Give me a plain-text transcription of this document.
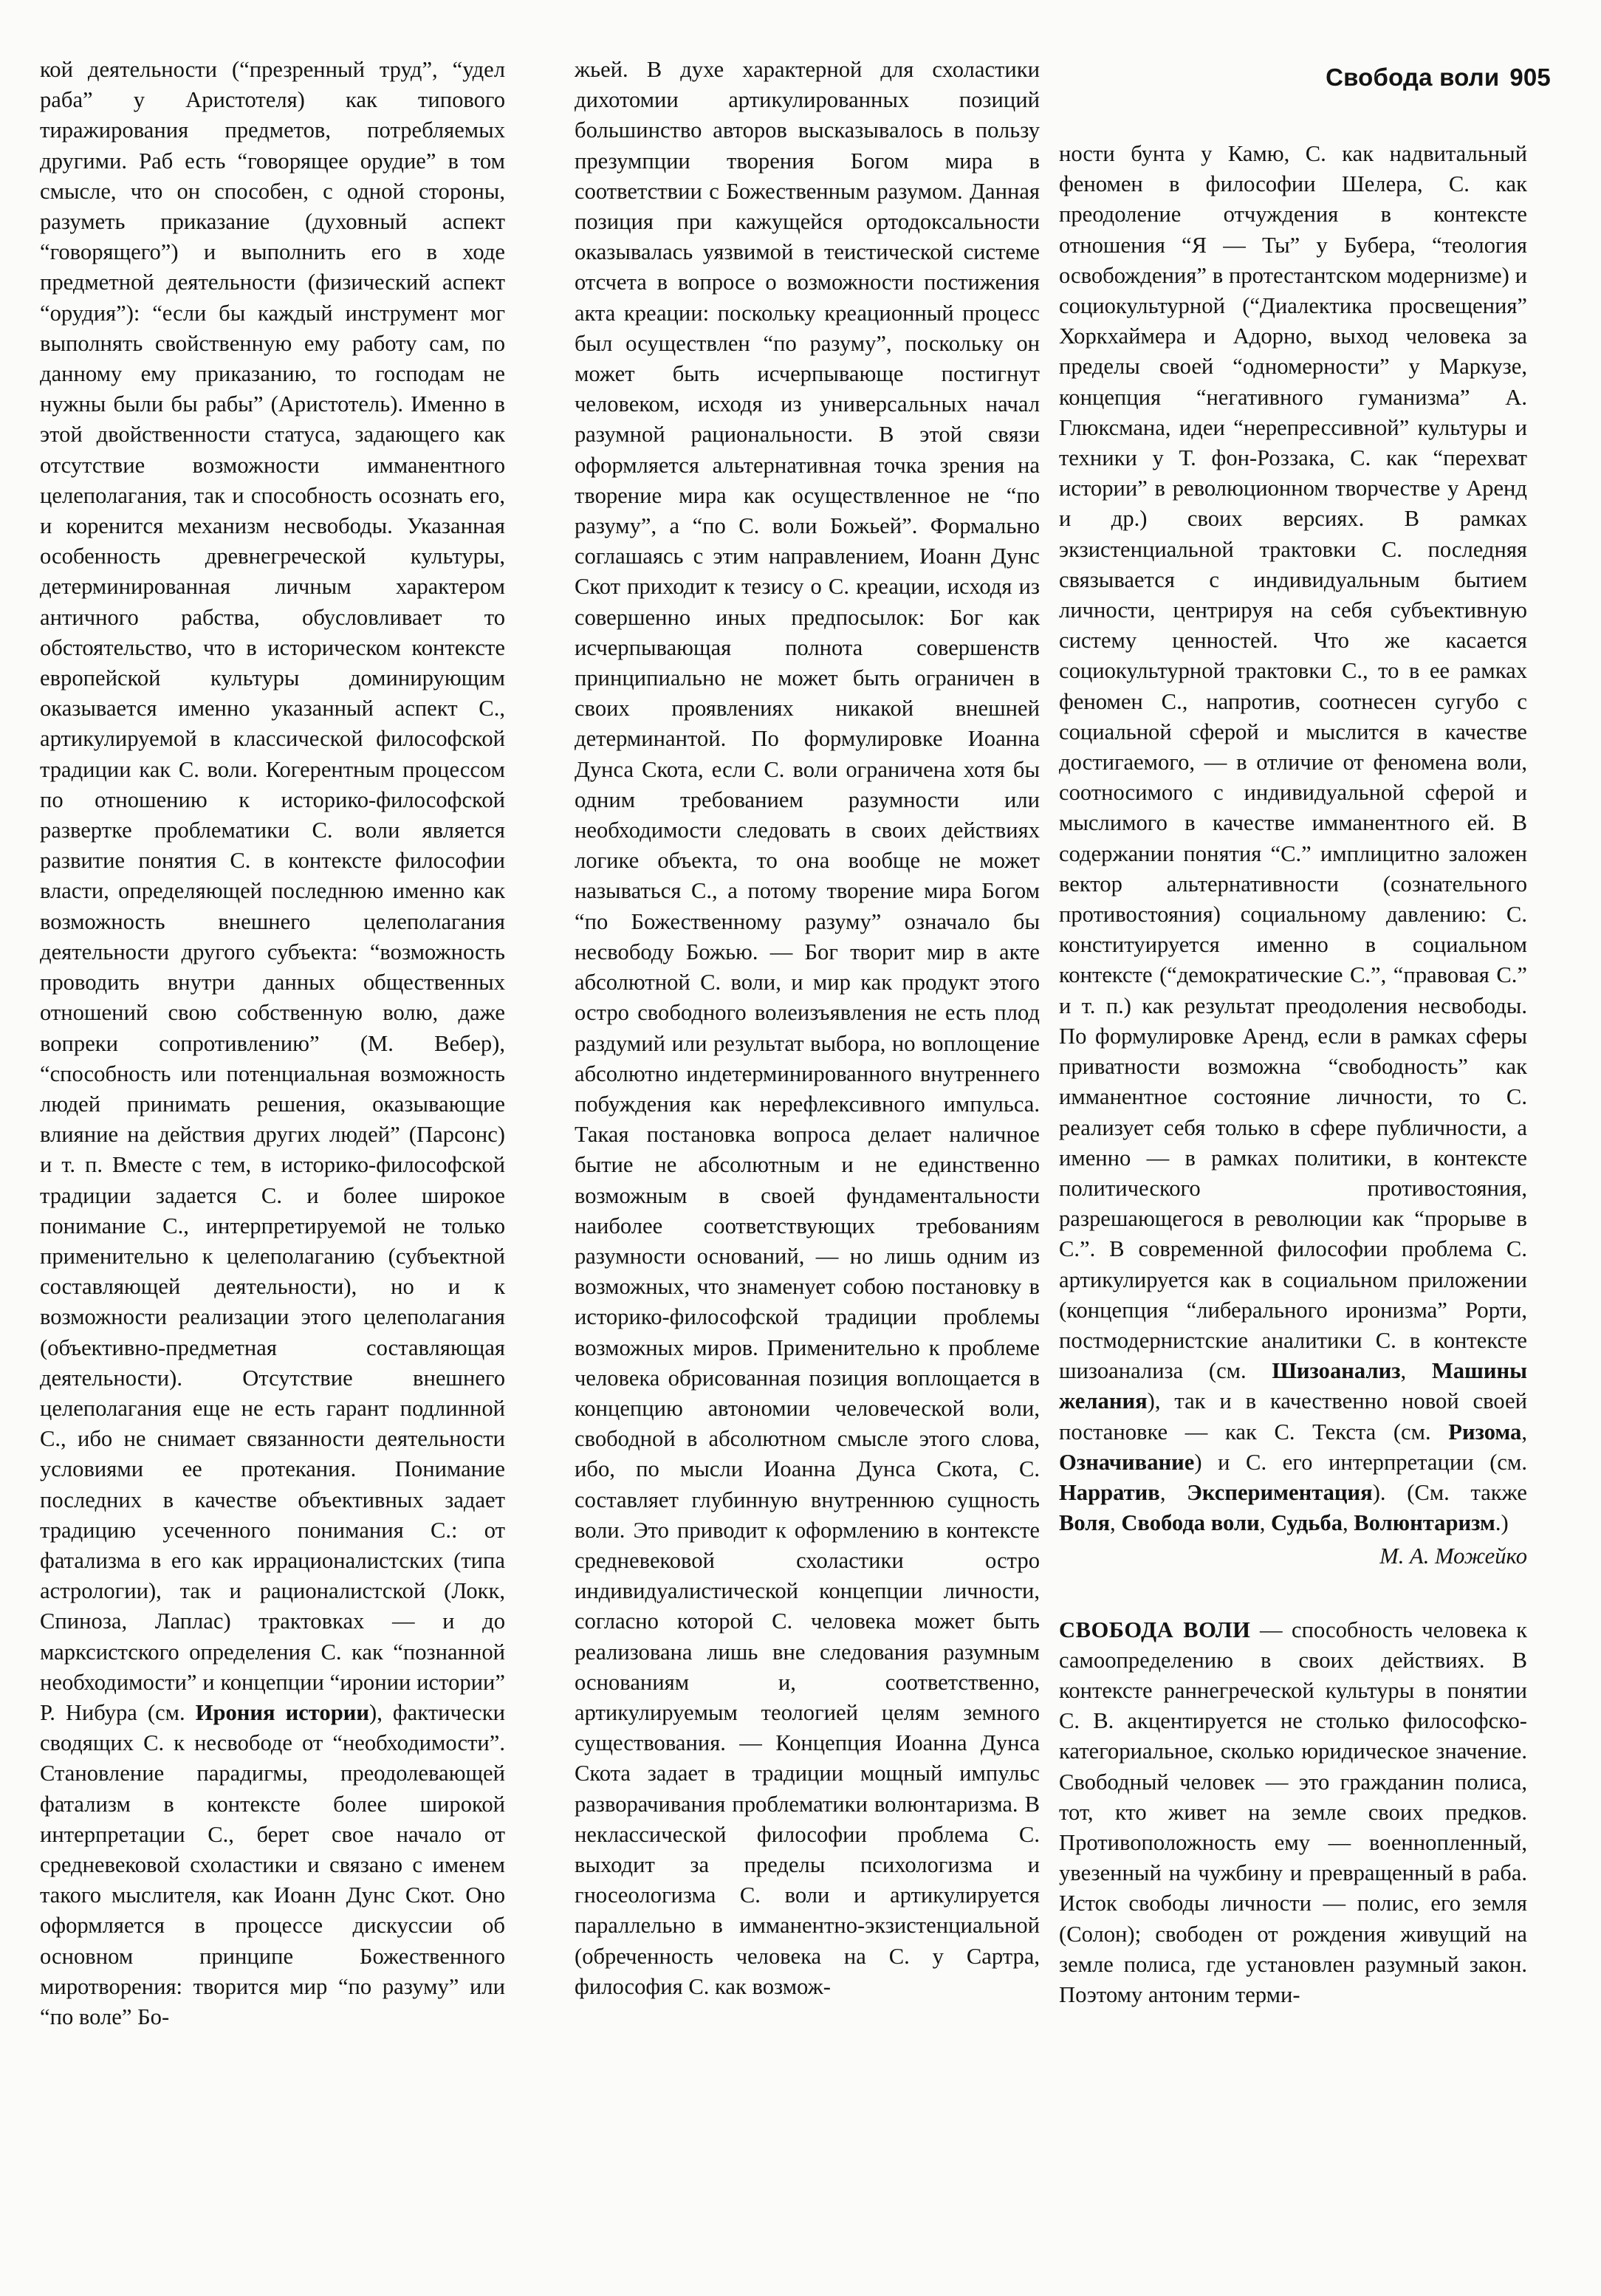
Свобода воли 905

кой деятельности (“презренный труд”, “удел раба” у Аристотеля) как типового тиражирования предметов, потребляемых другими. Раб есть “говорящее орудие” в том смысле, что он способен, с одной стороны, разуметь приказание (духовный аспект “говорящего”) и выполнить его в ходе предметной деятельности (физический аспект “орудия”): “если бы каждый инструмент мог выполнять свойственную ему работу сам, по данному ему приказанию, то господам не нужны были бы рабы” (Аристотель). Именно в этой двойственности статуса, задающего как отсутствие возможности имманентного целеполагания, так и способность осознать его, и коренится механизм несвободы. Указанная особенность древнегреческой культуры, детерминированная личным характером античного рабства, обусловливает то обстоятельство, что в историческом контексте европейской культуры доминирующим оказывается именно указанный аспект С., артикулируемой в классической философской традиции как С. воли. Когерентным процессом по отношению к историко-философской развертке проблематики С. воли является развитие понятия С. в контексте философии власти, определяющей последнюю именно как возможность внешнего целеполагания деятельности другого субъекта: “возможность проводить внутри данных общественных отношений свою собственную волю, даже вопреки сопротивлению” (М. Вебер), “способность или потенциальная возможность людей принимать решения, оказывающие влияние на действия других людей” (Парсонс) и т. п. Вместе с тем, в историко-философской традиции задается С. и более широкое понимание С., интерпретируемой не только применительно к целеполаганию (субъектной составляющей деятельности), но и к возможности реализации этого целеполагания (объективно-предметная составляющая деятельности). Отсутствие внешнего целеполагания еще не есть гарант подлинной С., ибо не снимает связанности деятельности условиями ее протекания. Понимание последних в качестве объективных задает традицию усеченного понимания С.: от фатализма в его как иррационалистских (типа астрологии), так и рационалистской (Локк, Спиноза, Лаплас) трактовках — и до марксистского определения С. как “познанной необходимости” и концепции “иронии истории” Р. Нибура (см. Ирония истории), фактически сводящих С. к несвободе от “необходимости”. Становление парадигмы, преодолевающей фатализм в контексте более широкой интерпретации С., берет свое начало от средневековой схоластики и связано с именем такого мыслителя, как Иоанн Дунс Скот. Оно оформляется в процессе дискуссии об основном принципе Божественного миротворения: творится мир “по разуму” или “по воле” Бо-

жьей. В духе характерной для схоластики дихотомии артикулированных позиций большинство авторов высказывалось в пользу презумпции творения Богом мира в соответствии с Божественным разумом. Данная позиция при кажущейся ортодоксальности оказывалась уязвимой в теистической системе отсчета в вопросе о возможности постижения акта креации: поскольку креационный процесс был осуществлен “по разуму”, поскольку он может быть исчерпывающе постигнут человеком, исходя из универсальных начал разумной рациональности. В этой связи оформляется альтернативная точка зрения на творение мира как осуществленное не “по разуму”, а “по С. воли Божьей”. Формально соглашаясь с этим направлением, Иоанн Дунс Скот приходит к тезису о С. креации, исходя из совершенно иных предпосылок: Бог как исчерпывающая полнота совершенств принципиально не может быть ограничен в своих проявлениях никакой внешней детерминантой. По формулировке Иоанна Дунса Скота, если С. воли ограничена хотя бы одним требованием разумности или необходимости следовать в своих действиях логике объекта, то она вообще не может называться С., а потому творение мира Богом “по Божественному разуму” означало бы несвободу Божью. — Бог творит мир в акте абсолютной С. воли, и мир как продукт этого остро свободного волеизъявления не есть плод раздумий или результат выбора, но воплощение абсолютно индетерминированного внутреннего побуждения как нерефлексивного импульса. Такая постановка вопроса делает наличное бытие не абсолютным и не единственно возможным в своей фундаментальности наиболее соответствующих требованиям разумности оснований, — но лишь одним из возможных, что знаменует собою постановку в историко-философской традиции проблемы возможных миров. Применительно к проблеме человека обрисованная позиция воплощается в концепцию автономии человеческой воли, свободной в абсолютном смысле этого слова, ибо, по мысли Иоанна Дунса Скота, С. составляет глубинную внутреннюю сущность воли. Это приводит к оформлению в контексте средневековой схоластики остро индивидуалистической концепции личности, согласно которой С. человека может быть реализована лишь вне следования разумным основаниям и, соответственно, артикулируемым теологией целям земного существования. — Концепция Иоанна Дунса Скота задает в традиции мощный импульс разворачивания проблематики волюнтаризма. В неклассической философии проблема С. выходит за пределы психологизма и гносеологизма С. воли и артикулируется параллельно в имманентно-экзистенциальной (обреченность человека на С. у Сартра, философия С. как возмож-

ности бунта у Камю, С. как надвитальный феномен в философии Шелера, С. как преодоление отчуждения в контексте отношения “Я — Ты” у Бубера, “теология освобождения” в протестантском модернизме) и социокультурной (“Диалектика просвещения” Хоркхаймера и Адорно, выход человека за пределы своей “одномерности” у Маркузе, концепция “негативного гуманизма” А. Глюксмана, идеи “нерепрессивной” культуры и техники у Т. фон-Роззака, С. как “перехват истории” в революционном творчестве у Аренд и др.) своих версиях. В рамках экзистенциальной трактовки С. последняя связывается с индивидуальным бытием личности, центрируя на себя субъективную систему ценностей. Что же касается социокультурной трактовки С., то в ее рамках феномен С., напротив, соотнесен сугубо с социальной сферой и мыслится в качестве достигаемого, — в отличие от феномена воли, соотносимого с индивидуальной сферой и мыслимого в качестве имманентного ей. В содержании понятия “С.” имплицитно заложен вектор альтернативности (сознательного противостояния) социальному давлению: С. конституируется именно в социальном контексте (“демократические С.”, “правовая С.” и т. п.) как результат преодоления несвободы. По формулировке Аренд, если в рамках сферы приватности возможна “свободность” как имманентное состояние личности, то С. реализует себя только в сфере публичности, а именно — в рамках политики, в контексте политического противостояния, разрешающегося в революции как “прорыве в С.”. В современной философии проблема С. артикулируется как в социальном приложении (концепция “либерального иронизма” Рорти, постмодернистские аналитики С. в контексте шизоанализа (см. Шизоанализ, Машины желания), так и в качественно новой своей постановке — как С. Текста (см. Ризома, Означивание) и С. его интерпретации (см. Нарратив, Экспериментация). (См. также Воля, Свобода воли, Судьба, Волюнтаризм.)

М. А. Можейко

СВОБОДА ВОЛИ — способность человека к самоопределению в своих действиях. В контексте раннегреческой культуры в понятии С. В. акцентируется не столько философско-категориальное, сколько юридическое значение. Свободный человек — это гражданин полиса, тот, кто живет на земле своих предков. Противоположность ему — военнопленный, увезенный на чужбину и превращенный в раба. Исток свободы личности — полис, его земля (Солон); свободен от рождения живущий на земле полиса, где установлен разумный закон. Поэтому антоним терми-
